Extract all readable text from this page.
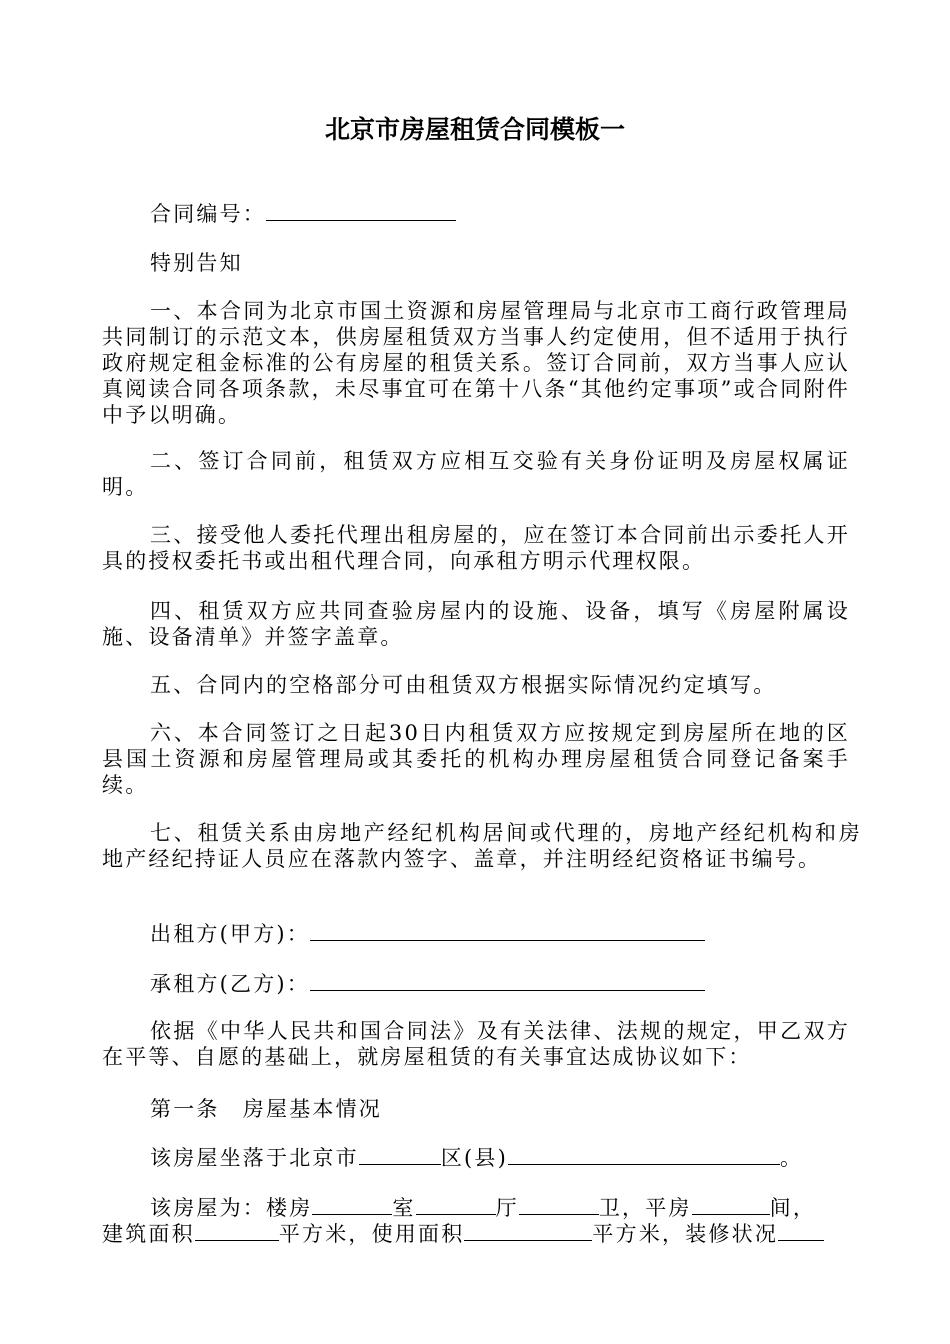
北京市房屋租赁合同模板一
合同编号：
特别告知
一、本合同为北京市国土资源和房屋管理局与北京市工商行政管理局共同制订的示范文本，供房屋租赁双方当事人约定使用，但不适用于执行政府规定租金标准的公有房屋的租赁关系。签订合同前，双方当事人应认真阅读合同各项条款，未尽事宜可在第十八条“其他约定事项”或合同附件中予以明确。
二、签订合同前，租赁双方应相互交验有关身份证明及房屋权属证明。
三、接受他人委托代理出租房屋的，应在签订本合同前出示委托人开具的授权委托书或出租代理合同，向承租方明示代理权限。
四、租赁双方应共同查验房屋内的设施、设备，填写《房屋附属设施、设备清单》并签字盖章。
五、合同内的空格部分可由租赁双方根据实际情况约定填写。
六、本合同签订之日起30日内租赁双方应按规定到房屋所在地的区县国土资源和房屋管理局或其委托的机构办理房屋租赁合同登记备案手续。
七、租赁关系由房地产经纪机构居间或代理的，房地产经纪机构和房地产经纪持证人员应在落款内签字、盖章，并注明经纪资格证书编号。
出租方(甲方)：
承租方(乙方)：
依据《中华人民共和国合同法》及有关法律、法规的规定，甲乙双方在平等、自愿的基础上，就房屋租赁的有关事宜达成协议如下：
第一条　房屋基本情况
该房屋坐落于北京市	区(县)	。
该房屋为：楼房	室	厅	卫，平房	间，
建筑面积	平方米，使用面积	平方米，装修状况
